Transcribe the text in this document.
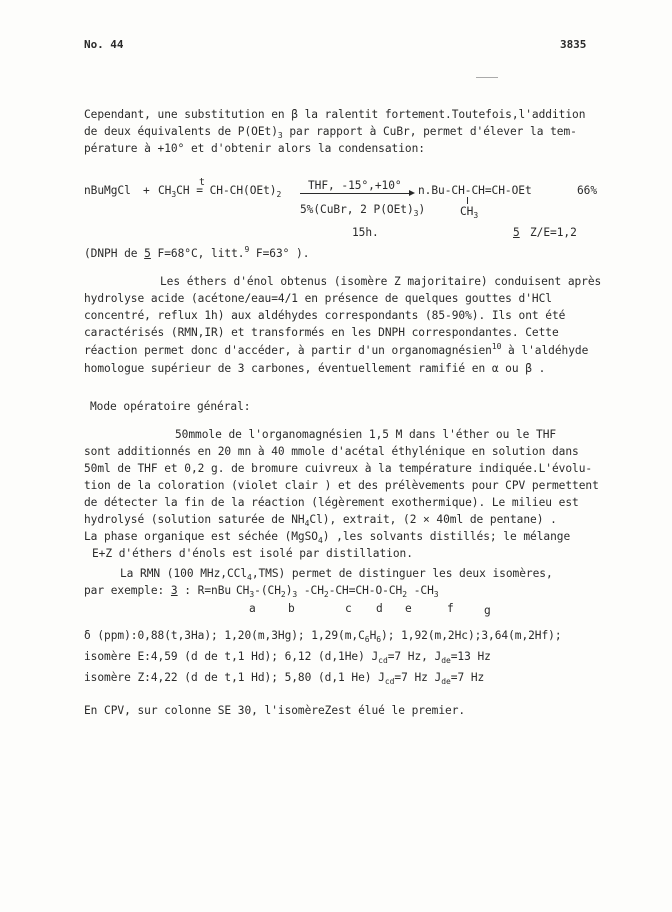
No. 44	3835
Cependant, une substitution en β la ralentit fortement.Toutefois,l'addition
de deux équivalents de $P(OEt)_3$ par rapport à CuBr, permet d'élever la tem-
pérature à +10° et d'obtenir alors la condensation:
nBuMgCl + $CH_3CH = CH-CH(OEt)_2$
t	THF, -15°,+10°
5%(CuBr, 2 $P(OEt)_3$)
15h.
n.Bu-CH-CH=CH-OEt
$CH_3$
66%
5 Z/E=1,2
(DNPH de 5 F=68°C, litt.$^9$ F=63° ).
Les éthers d'énol obtenus (isomère Z majoritaire) conduisent après
hydrolyse acide (acétone/eau=4/1 en présence de quelques gouttes d'HCl
concentré, reflux 1h) aux aldéhydes correspondants (85-90%). Ils ont été
caractérisés (RMN,IR) et transformés en les DNPH correspondantes. Cette
réaction permet donc d'accéder, à partir d'un organomagnésien$^{10}$ à l'aldéhyde
homologue supérieur de 3 carbones, éventuellement ramifié en α ou β .
Mode opératoire général:
50mmole de l'organomagnésien 1,5 M dans l'éther ou le THF
sont additionnés en 20 mn à 40 mmole d'acétal éthylénique en solution dans
50ml de THF et 0,2 g. de bromure cuivreux à la température indiquée.L'évolu-
tion de la coloration (violet clair ) et des prélèvements pour CPV permettent
de détecter la fin de la réaction (légèrement exothermique). Le milieu est
hydrolysé (solution saturée de $NH_4Cl$), extrait, (2 × 40ml de pentane) .
La phase organique est séchée (MgSO$_4$) ,les solvants distillés; le mélange
E+Z d'éthers d'énols est isolé par distillation.
La RMN (100 MHz,CCl$_4$,TMS) permet de distinguer les deux isomères,
par exemple: 3 : R=nBu $CH_3-(CH_2)_3$ $-CH_2-CH=CH-O-CH_2$ $-CH_3$
a	b	c d e	f	g
δ (ppm):0,88(t,3Ha); 1,20(m,3Hg); $1,29(m,C_6H_6)$; 1,92(m,2Hc);3,64(m,2Hf);
isomère E:4,59 (d de t,1 Hd); 6,12 (d,1He) $J_{cd}=7$ Hz, $J_{de}=13$ Hz
isomère Z:4,22 (d de t,1 Hd); 5,80 (d,1 He) $J_{cd}=7$ Hz $J_{de}=7$ Hz
En CPV, sur colonne SE 30, l'isomèreZest élué le premier.
